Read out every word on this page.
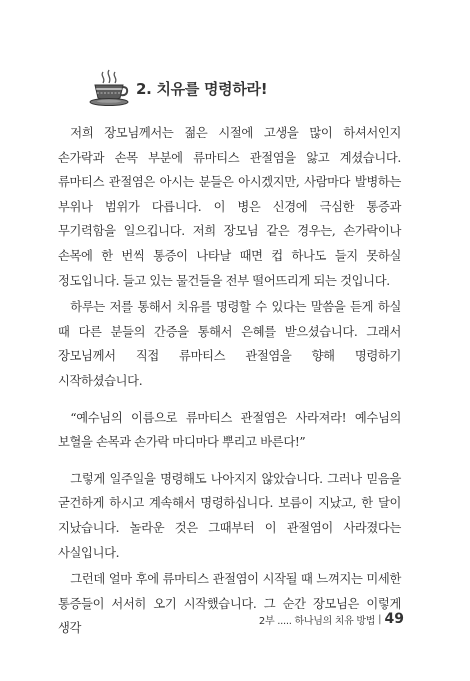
2. 치유를 명령하라!

저희 장모님께서는 젊은 시절에 고생을 많이 하셔서인지 손가락과 손목 부분에 류마티스 관절염을 앓고 계셨습니다. 류마티스 관절염은 아시는 분들은 아시겠지만, 사람마다 발병하는 부위나 범위가 다릅니다. 이 병은 신경에 극심한 통증과 무기력함을 일으킵니다. 저희 장모님 같은 경우는, 손가락이나 손목에 한 번씩 통증이 나타날 때면 컵 하나도 들지 못하실 정도입니다. 들고 있는 물건들을 전부 떨어뜨리게 되는 것입니다.

하루는 저를 통해서 치유를 명령할 수 있다는 말씀을 듣게 하실 때 다른 분들의 간증을 통해서 은혜를 받으셨습니다. 그래서 장모님께서 직접 류마티스 관절염을 향해 명령하기 시작하셨습니다.

“예수님의 이름으로 류마티스 관절염은 사라져라! 예수님의 보혈을 손목과 손가락 마디마다 뿌리고 바른다!”

그렇게 일주일을 명령해도 나아지지 않았습니다. 그러나 믿음을 굳건하게 하시고 계속해서 명령하십니다. 보름이 지났고, 한 달이 지났습니다. 놀라운 것은 그때부터 이 관절염이 사라졌다는 사실입니다.

그런데 얼마 후에 류마티스 관절염이 시작될 때 느껴지는 미세한 통증들이 서서히 오기 시작했습니다. 그 순간 장모님은 이렇게 생각

2부 ..... 하나님의 치유 방법 | 49
